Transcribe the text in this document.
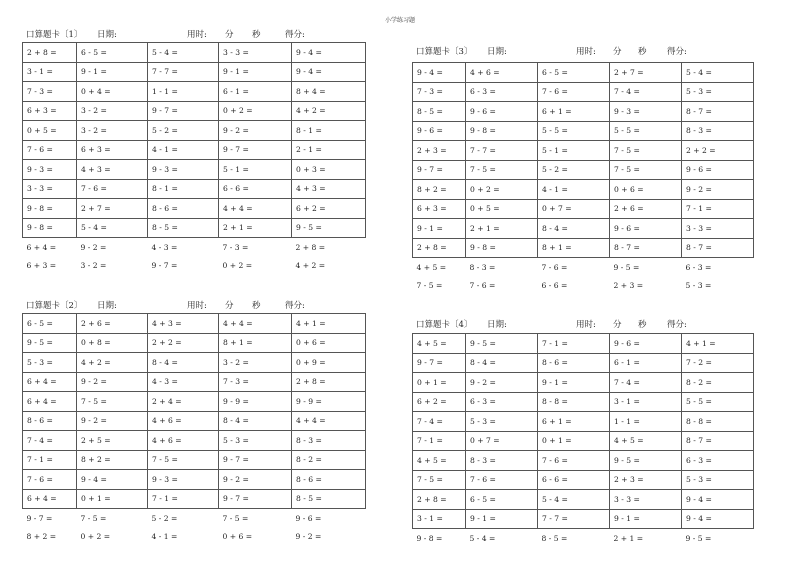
小学练习题
口算题卡〔1〕 日期:	用时: 分 秒	得分:
2 + 8 =	6 - 5 =	5 - 4 =	3 - 3 =	9 - 4 =
3 - 1 =	9 - 1 =	7 - 7 =	9 - 1 =	9 - 4 =
7 - 3 =	0 + 4 =	1 - 1 =	6 - 1 =	8 + 4 =
6 + 3 =	3 - 2 =	9 - 7 =	0 + 2 =	4 + 2 =
0 + 5 =	3 - 2 =	5 - 2 =	9 - 2 =	8 - 1 =
7 - 6 =	6 + 3 =	4 - 1 =	9 - 7 =	2 - 1 =
9 - 3 =	4 + 3 =	9 - 3 =	5 - 1 =	0 + 3 =
3 - 3 =	7 - 6 =	8 - 1 =	6 - 6 =	4 + 3 =
9 - 8 =	2 + 7 =	8 - 6 =	4 + 4 =	6 + 2 =
9 - 8 =	5 - 4 =	8 - 5 =	2 + 1 =	9 - 5 =
6 + 4 =	9 - 2 =	4 - 3 =	7 - 3 =	2 + 8 =
6 + 3 =	3 - 2 =	9 - 7 =	0 + 2 =	4 + 2 =
口算题卡〔3〕 日期:	用时: 分 秒 得分:
9 - 4 =	4 + 6 =	6 - 5 =	2 + 7 =	5 - 4 =
7 - 3 =	6 - 3 =	7 - 6 =	7 - 4 =	5 - 3 =
8 - 5 =	9 - 6 =	6 + 1 =	9 - 3 =	8 - 7 =
9 - 6 =	9 - 8 =	5 - 5 =	5 - 5 =	8 - 3 =
2 + 3 =	7 - 7 =	5 - 1 =	7 - 5 =	2 + 2 =
9 - 7 =	7 - 5 =	5 - 2 =	7 - 5 =	9 - 6 =
8 + 2 =	0 + 2 =	4 - 1 =	0 + 6 =	9 - 2 =
6 + 3 =	0 + 5 =	0 + 7 =	2 + 6 =	7 - 1 =
9 - 1 =	2 + 1 =	8 - 4 =	9 - 6 =	3 - 3 =
2 + 8 =	9 - 8 =	8 + 1 =	8 - 7 =	8 - 7 =
4 + 5 =	8 - 3 =	7 - 6 =	9 - 5 =	6 - 3 =
7 - 5 =	7 - 6 =	6 - 6 =	2 + 3 =	5 - 3 =
口算题卡〔2〕 日期:	用时: 分 秒	得分:
6 - 5 =	2 + 6 =	4 + 3 =	4 + 4 =	4 + 1 =
9 - 5 =	0 + 8 =	2 + 2 =	8 + 1 =	0 + 6 =
5 - 3 =	4 + 2 =	8 - 4 =	3 - 2 =	0 + 9 =
6 + 4 =	9 - 2 =	4 - 3 =	7 - 3 =	2 + 8 =
6 + 4 =	7 - 5 =	2 + 4 =	9 - 9 =	9 - 9 =
8 - 6 =	9 - 2 =	4 + 6 =	8 - 4 =	4 + 4 =
7 - 4 =	2 + 5 =	4 + 6 =	5 - 3 =	8 - 3 =
7 - 1 =	8 + 2 =	7 - 5 =	9 - 7 =	8 - 2 =
7 - 6 =	9 - 4 =	9 - 3 =	9 - 2 =	8 - 6 =
6 + 4 =	0 + 1 =	7 - 1 =	9 - 7 =	8 - 5 =
9 - 7 =	7 - 5 =	5 - 2 =	7 - 5 =	9 - 6 =
8 + 2 =	0 + 2 =	4 - 1 =	0 + 6 =	9 - 2 =
口算题卡〔4〕 日期:	用时: 分 秒 得分:
4 + 5 =	9 - 5 =	7 - 1 =	9 - 6 =	4 + 1 =
9 - 7 =	8 - 4 =	8 - 6 =	6 - 1 =	7 - 2 =
0 + 1 =	9 - 2 =	9 - 1 =	7 - 4 =	8 - 2 =
6 + 2 =	6 - 3 =	8 - 8 =	3 - 1 =	5 - 5 =
7 - 4 =	5 - 3 =	6 + 1 =	1 - 1 =	8 - 8 =
7 - 1 =	0 + 7 =	0 + 1 =	4 + 5 =	8 - 7 =
4 + 5 =	8 - 3 =	7 - 6 =	9 - 5 =	6 - 3 =
7 - 5 =	7 - 6 =	6 - 6 =	2 + 3 =	5 - 3 =
2 + 8 =	6 - 5 =	5 - 4 =	3 - 3 =	9 - 4 =
3 - 1 =	9 - 1 =	7 - 7 =	9 - 1 =	9 - 4 =
9 - 8 =	5 - 4 =	8 - 5 =	2 + 1 =	9 - 5 =
